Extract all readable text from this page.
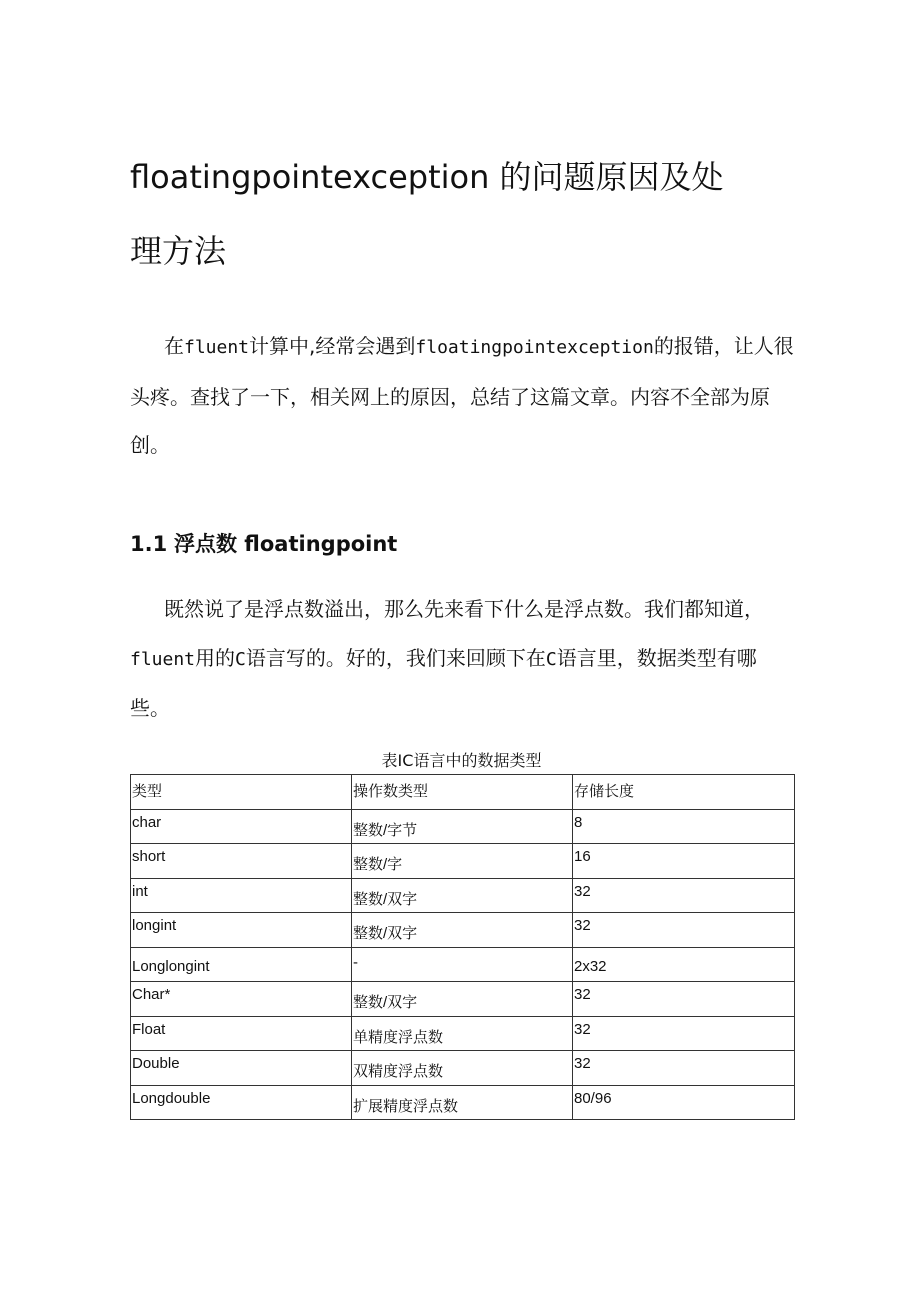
floatingpointexception 的问题原因及处
理方法

在fluent计算中,经常会遇到floatingpointexception的报错，让人很头疼。查找了一下，相关网上的原因，总结了这篇文章。内容不全部为原创。

1.1 浮点数 floatingpoint

既然说了是浮点数溢出，那么先来看下什么是浮点数。我们都知道，fluent用的C语言写的。好的，我们来回顾下在C语言里，数据类型有哪些。

表IC语言中的数据类型

类型	操作数类型	存储长度
char	整数/字节	8
short	整数/字	16
int	整数/双字	32
longint	整数/双字	32
Longlongint	-	2x32
Char*	整数/双字	32
Float	单精度浮点数	32
Double	双精度浮点数	32
Longdouble	扩展精度浮点数	80/96
